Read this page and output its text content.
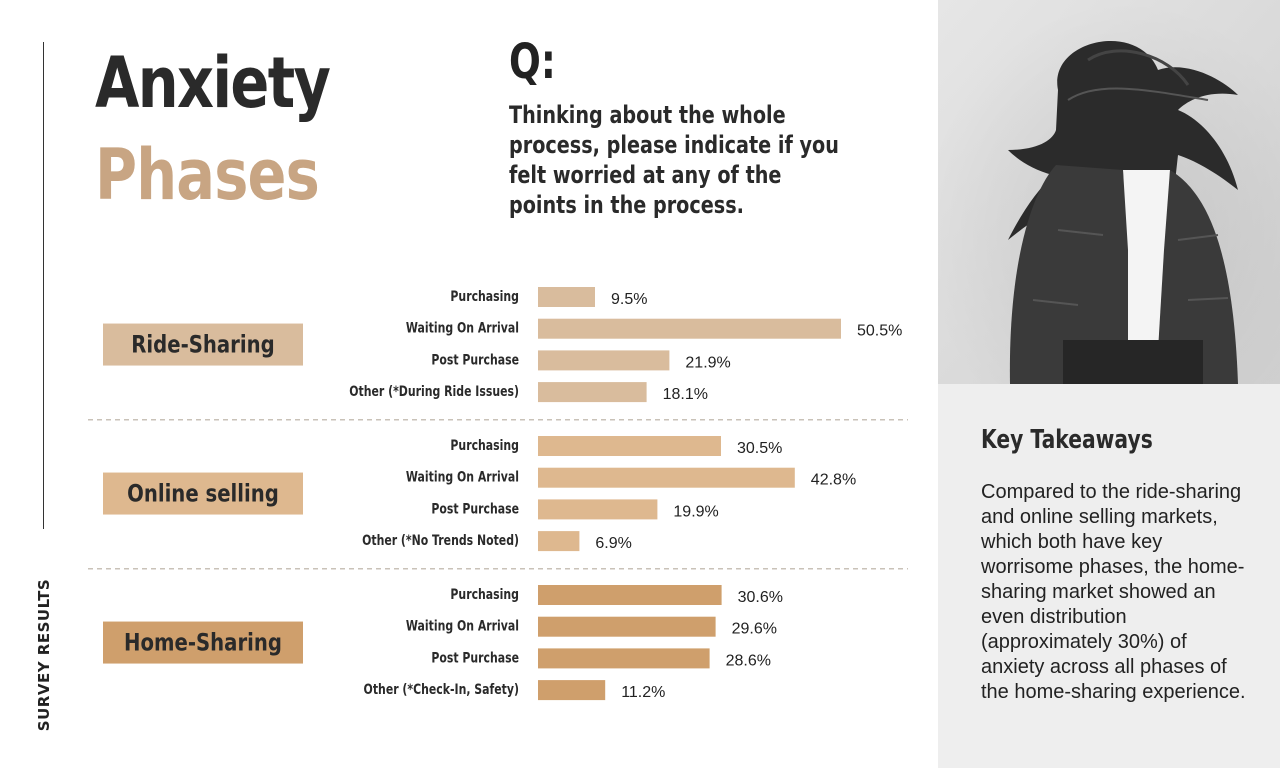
SURVEY RESULTS
Anxiety
Phases
Q:
Thinking about the whole process, please indicate if you felt worried at any of the points in the process.
Ride-Sharing
Purchasing	9.5%
Waiting On Arrival	50.5%
Post Purchase	21.9%
Other (*During Ride Issues)	18.1%
Online selling
Purchasing	30.5%
Waiting On Arrival	42.8%
Post Purchase	19.9%
Other (*No Trends Noted)	6.9%
Home-Sharing
Purchasing	30.6%
Waiting On Arrival	29.6%
Post Purchase	28.6%
Other (*Check-In, Safety)	11.2%
Key Takeaways
Compared to the ride-sharing and online selling markets, which both have key worrisome phases, the home-sharing market showed an even distribution (approximately 30%) of anxiety across all phases of the home-sharing experience.
